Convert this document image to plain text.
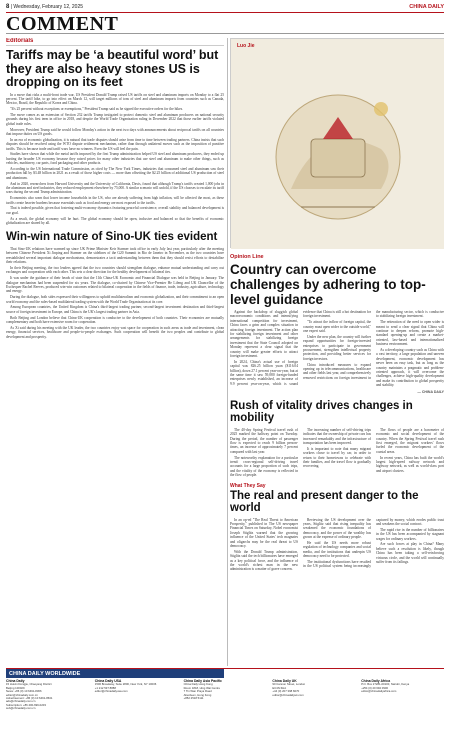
8 | Wednesday, February 12, 2025	CHINA DAILY
COMMENT
Editorials
Tariffs may be ‘a beautiful word’ but they are also heavy stones US is dropping on its feet

In a move that risks a multi-front trade war, US President Donald Trump raised US tariffs on steel and aluminum imports on Monday to a flat 25 percent. The tariff hike, to go into effect on March 12, will target millions of tons of steel and aluminum imports from countries such as Canada, Mexico, Brazil, the Republic of Korea and China.

"It's 25 percent without exceptions or exemptions," President Trump said as he signed the executive orders for the hikes.

The move comes as an extension of Section 232 tariffs Trump instigated to protect domestic steel and aluminum producers on national security grounds during his first term in office in 2018, and despite the World Trade Organization ruling in December 2022 that those earlier tariffs violated global trade rules.

Moreover, President Trump said he would follow Monday's action in the next two days with announcements about reciprocal tariffs on all countries that impose duties on US goods.

In an era of economic globalization, it is natural that trade disputes should arise from time to time between trading partners. China insists that such disputes should be resolved using the WTO dispute settlement mechanism, rather than through unilateral moves such as the imposition of punitive tariffs. This is because trade and tariff wars have no winners. Even the US will feel the pain.

Studies have shown that while the metal tariffs imposed by the first Trump administration helped US steel and aluminum producers, they ended up hurting the broader US economy because they raised prices for many other industries that use steel and aluminum to make other things, such as vehicles, machinery, car parts, food packaging and other products.

According to the US International Trade Commission, as cited by The New York Times, industries that consumed steel and aluminum saw their production fall by $3.48 billion in 2021 as a result of those higher costs — more than offsetting the $2.25 billion of additional US production of steel and aluminum.

And in 2020, researchers from Harvard University and the University of California, Davis, found that although Trump's tariffs created 1,000 jobs in the aluminum and steel industries, they reduced employment elsewhere by 75,000. A similar scenario will unfold, if the US chooses to escalate its tariff wars during the second Trump administration.

Economists also warn that lower income households in the US, who are already suffering from high inflation, will be affected the most, as these tariffs create heavier burdens because essentials such as food and energy are most exposed to the tariffs.

That is indeed possible, given that fostering multi-economy dynamics featuring peaceful coexistence, overall stability and balanced development is our goal.

As a result, the global economy will be hurt. The global economy should be open, inclusive and balanced so that the benefits of economic globalization are shared by all.

Win-win nature of Sino-UK ties evident

That Sino-UK relations have warmed up since UK Prime Minister Keir Starmer took office in early July last year, particularly after the meeting between Chinese President Xi Jinping and Starmer on the sidelines of the G20 Summit in Rio de Janeiro in November, as the two countries have reestablished several important dialogue mechanisms, demonstrates a tacit understanding between them that they should resist efforts to destabilize their relations.

In their Beijing meeting, the two leaders agreed that the two countries should strengthen dialogue, enhance mutual understanding and carry out exchanges and cooperation with each other. This sets a clear direction for the healthy development of bilateral ties.

It was under the guidance of their heads of state that the 11th China-UK Economic and Financial Dialogue was held in Beijing in January. The dialogue mechanism had been suspended for six years. The dialogue, co-chaired by Chinese Vice-Premier He Lifeng and UK Chancellor of the Exchequer Rachel Reeves, produced win-win outcomes related to bilateral cooperation in the fields of finance, trade, industry, agriculture, technology and energy.

During the dialogue, both sides expressed their willingness to uphold multilateralism and economic globalization, and their commitment to an open world economy and the rules-based multilateral trading system with the World Trade Organization at its core.

Among European countries, the United Kingdom is China's third-largest trading partner, second-largest investment destination and third-largest source of foreign investment in Europe, and China is the UK's largest trading partner in Asia.

Both Beijing and London believe that China-UK cooperation is conducive to the development of both countries. Their economies are mutually complementary and both have extensive room for cooperation.

As Xi said during his meeting with the UK leader, the two countries enjoy vast space for cooperation in such areas as trade and investment, clean energy, financial services, healthcare and people-to-people exchanges. Such cooperation will benefit the two peoples and contribute to global development and prosperity.

Luo Jie
Opinion Line
Country can overcome challenges by adhering to top-level guidance

Against the backdrop of sluggish global macroeconomic conditions and intensifying international competition for investment, China faces a grim and complex situation in attracting foreign investment. The action plan for stabilizing foreign investment and other arrangements for stabilizing foreign investment that the State Council adopted on Monday represent a clear signal that the country will make greater efforts to attract foreign investment.

In 2024, China's actual use of foreign capital was 826.25 billion yuan ($116.04 billion), down 27.1 percent year-on-year, but at the same time it saw 59,080 foreign-funded enterprises newly established, an increase of 9.9 percent year-on-year, which is sound evidence that China is still a hot destination for foreign investment.

"To attract the inflow of foreign capital, the country must open wider to the outside world," one expert said.

Under the new plan, the country will further expand opportunities for foreign-invested enterprises to participate in government procurement, strengthen intellectual property protection, and providing better services for foreign investors.

China introduced measures to expand opening up in telecommunications, healthcare and other fields last year, and comprehensively removed restrictions on foreign investment in the manufacturing sector, which is conducive to stabilizing foreign investment.

The reiteration of the need to open wider is meant to send a clear signal that China will continue to deepen reform, promote high-standard opening-up and create a market-oriented, law-based and internationalized business environment.

As a developing country such as China with a vast territory, a large population and uneven development, economic development has never been an easy task, but as long as the country maintains a pragmatic and problem-oriented approach, it will overcome the challenges, achieve high-quality development and make its contribution to global prosperity and stability.

— CHINA DAILY
Rush of vitality drives changes in mobility

The 40-day Spring Festival travel rush of 2025 marked the halfway point on Tuesday. During the period, the number of passenger flow is expected to reach 9 billion person-times, an increase of approximately 7 percent compared with last year.

The noteworthy explanation for a particular trend: cross-regional self-driving travel accounts for a large proportion of such trips, and the vitality of the economy is reflected in the flow of people.

The increasing number of self-driving trips indicates that the ownership of private cars has increased remarkably and the infrastructure of transportation has been improved.

It is important to note that many migrant workers chose to travel by car, in order to return to their hometowns to celebrate with their families, and the travel flow is gradually recovering.

The flows of people are a barometer of economic and social development of the country. When the Spring Festival travel rush first emerged, the migrant workers' flows fueled the economic development of the coastal areas.

In recent years, China has built the world's largest high-speed railway network and highway network, as well as world-class port and airport clusters.

What They Say
The real and present danger to the world

In an op-ed "The Real Threat to American Prosperity," published in The US newspaper Financial Times on Saturday, Nobel economist Joseph Stiglitz warned that the growing influence of the United States' tech magnates and oligarchs may be the real threat to US democracy.

With the Donald Trump administration, Stiglitz said the tech billionaires have emerged as a key political force, and the influence of the world's richest man in the new administration is a matter of grave concern.

Reviewing the US development over the years, Stiglitz said that rising inequality has weakened the economic foundations of democracy, and the power of the wealthy has grown at the expense of ordinary people.

He said the US needs more robust regulation of technology companies and social media, and the institutions that underpin US democracy need to be protected.

The institutional dysfunctions have resulted in the US political system being increasingly captured by money, which erodes public trust and weakens the social contract.

The rapid rise in the number of billionaires in the US has been accompanied by stagnant wages for ordinary workers.

Are such forces at play in China? Many believe such a resolution is likely, though China has been taking a self-reinforcing virtuous circle, and the world will continually suffer from its failings.

CHINA DAILY WORLDWIDE
China Daily
15 Huixin Dongjie, Chaoyang District
Beijing 100029
News: +86 (0) 10 6491-8366
editor@chinadaily.com.cn
Advertisement: +86 (0) 10 6491-8631
ads@chinadaily.com.cn
Subscription: +86 400-699-0203
sub@chinadaily.com.cn
China Daily USA
1500 Broadway, Suite 2800, New York, NY 10036
+1 212 537 8888
editor@chinadailyusa.com
China Daily Asia Pacific
China Daily Hong Kong
Room 1818, Hing Wai Centre
7 Tin Wan Praya Road
Aberdeen, Hong Kong
+852 2518 5111
China Daily UK
90 Cannon Street, London
EC4N 6HA
+44 (0) 207 398 8270
editor@chinadailyuk.com
China Daily Africa
P.O. Box 27281-00100, Nairobi, Kenya
+254 (0) 20 692 0900
editor@chinadailyafrica.com
